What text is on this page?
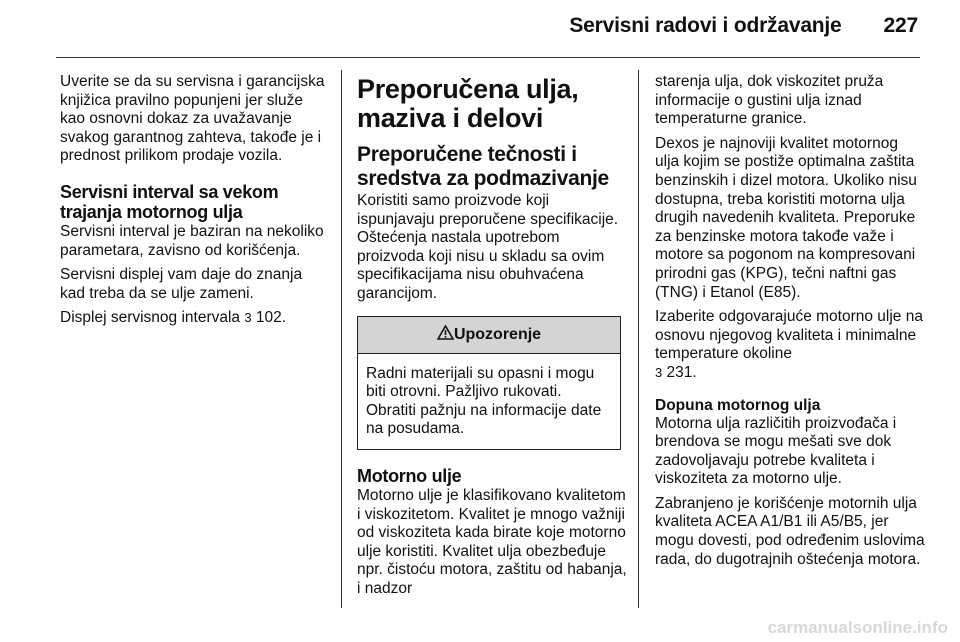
Servisni radovi i održavanje 227

Uverite se da su servisna i garancijska knjižica pravilno popunjeni jer služe kao osnovni dokaz za uvažavanje svakog garantnog zahteva, takođe je i prednost prilikom prodaje vozila.

Servisni interval sa vekom trajanja motornog ulja

Servisni interval je baziran na nekoliko parametara, zavisno od korišćenja.

Servisni displej vam daje do znanja kad treba da se ulje zameni.

Displej servisnog intervala 3 102.

Preporučena ulja, maziva i delovi
Preporučene tečnosti i sredstva za podmazivanje

Koristiti samo proizvode koji ispunjavaju preporučene specifikacije. Oštećenja nastala upotrebom proizvoda koji nisu u skladu sa ovim specifikacijama nisu obuhvaćena garancijom.

Upozorenje
Radni materijali su opasni i mogu biti otrovni. Pažljivo rukovati. Obratiti pažnju na informacije date na posudama.
Motorno ulje

Motorno ulje je klasifikovano kvalitetom i viskozitetom. Kvalitet je mnogo važniji od viskoziteta kada birate koje motorno ulje koristiti. Kvalitet ulja obezbeđuje npr. čistoću motora, zaštitu od habanja, i nadzor

starenja ulja, dok viskozitet pruža informacije o gustini ulja iznad temperaturne granice.

Dexos je najnoviji kvalitet motornog ulja kojim se postiže optimalna zaštita benzinskih i dizel motora. Ukoliko nisu dostupna, treba koristiti motorna ulja drugih navedenih kvaliteta. Preporuke za benzinske motora takođe važe i motore sa pogonom na kompresovani prirodni gas (KPG), tečni naftni gas (TNG) i Etanol (E85).

Izaberite odgovarajuće motorno ulje na osnovu njegovog kvaliteta i minimalne temperature okoline
3 231.

Dopuna motornog ulja

Motorna ulja različitih proizvođača i brendova se mogu mešati sve dok zadovoljavaju potrebe kvaliteta i viskoziteta za motorno ulje.

Zabranjeno je korišćenje motornih ulja kvaliteta ACEA A1/B1 ili A5/B5, jer mogu dovesti, pod određenim uslovima rada, do dugotrajnih oštećenja motora.

carmanualsonline.info
